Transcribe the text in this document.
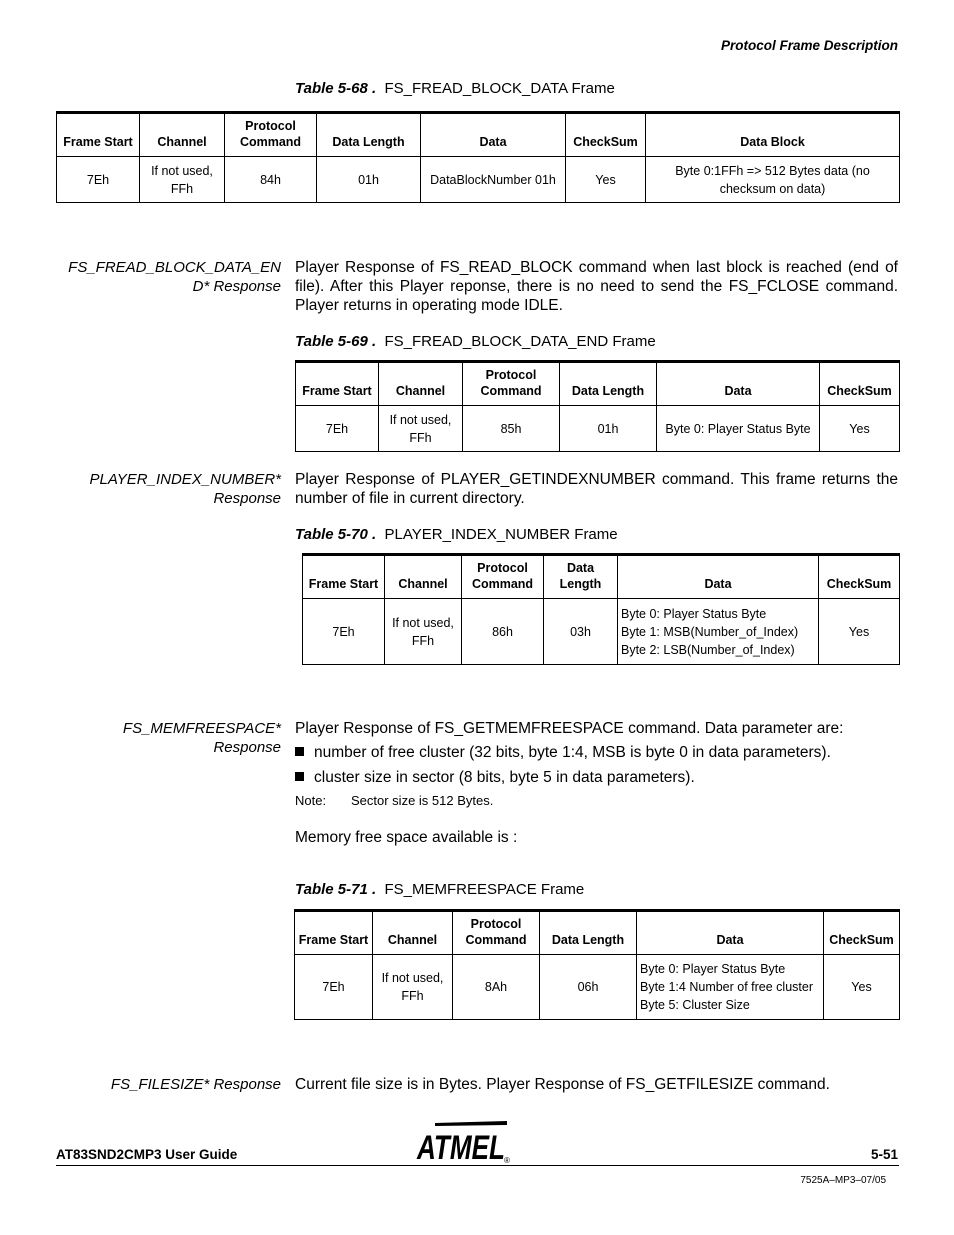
Protocol Frame Description
Table 5-68 . FS_FREAD_BLOCK_DATA Frame
Frame Start	Channel	Protocol Command	Data Length	Data	CheckSum	Data Block
7Eh	If not used, FFh	84h	01h	DataBlockNumber 01h	Yes	Byte 0:1FFh => 512 Bytes data (no checksum on data)
FS_FREAD_BLOCK_DATA_EN D* Response
Player Response of FS_READ_BLOCK command when last block is reached (end of file). After this Player reponse, there is no need to send the FS_FCLOSE command. Player returns in operating mode IDLE.
Table 5-69 . FS_FREAD_BLOCK_DATA_END Frame
Frame Start	Channel	Protocol Command	Data Length	Data	CheckSum
7Eh	If not used, FFh	85h	01h	Byte 0: Player Status Byte	Yes
PLAYER_INDEX_NUMBER*
Response
Player Response of PLAYER_GETINDEXNUMBER command. This frame returns the number of file in current directory.
Table 5-70 . PLAYER_INDEX_NUMBER Frame
Frame Start	Channel	Protocol Command	Data Length	Data	CheckSum
7Eh	If not used, FFh	86h	03h	Byte 0: Player Status Byte
Byte 1: MSB(Number_of_Index)
Byte 2: LSB(Number_of_Index)	Yes
FS_MEMFREESPACE*
Response
Player Response of FS_GETMEMFREESPACE command. Data parameter are:
number of free cluster (32 bits, byte 1:4, MSB is byte 0 in data parameters).
cluster size in sector (8 bits, byte 5 in data parameters).
Note: Sector size is 512 Bytes.
Memory free space available is :
Table 5-71 . FS_MEMFREESPACE Frame
Frame Start	Channel	Protocol Command	Data Length	Data	CheckSum
7Eh	If not used, FFh	8Ah	06h	Byte 0: Player Status Byte
Byte 1:4 Number of free cluster
Byte 5: Cluster Size	Yes
FS_FILESIZE* Response Current file size is in Bytes. Player Response of FS_GETFILESIZE command.
ATMEL ®
AT83SND2CMP3 User Guide	5-51
7525A–MP3–07/05
